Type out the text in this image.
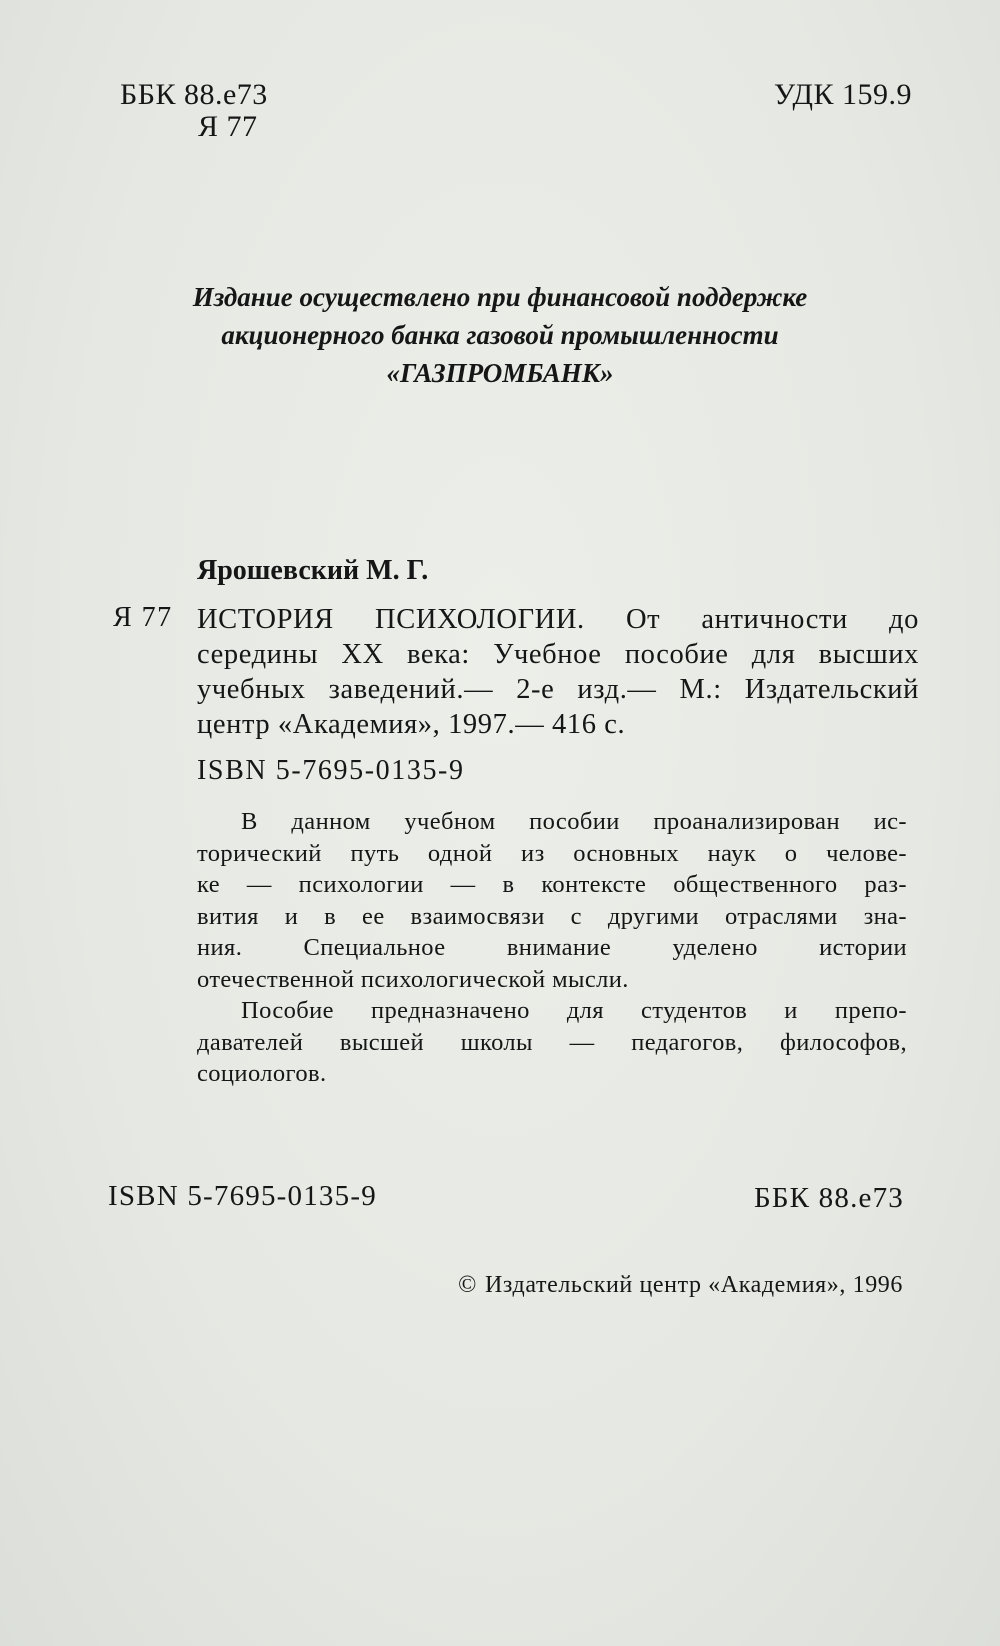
ББК 88.е73
Я 77
УДК 159.9
Издание осуществлено при финансовой поддержке
акционерного банка газовой промышленности
«ГАЗПРОМБАНК»
Ярошевский М. Г.
Я 77 ИСТОРИЯ ПСИХОЛОГИИ. От античности до
середины XX века: Учебное пособие для высших
учебных заведений.— 2-е изд.— М.: Издательский
центр «Академия», 1997.— 416 с.
ISBN 5-7695-0135-9
В данном учебном пособии проанализирован ис-
торический путь одной из основных наук о челове-
ке — психологии — в контексте общественного раз-
вития и в ее взаимосвязи с другими отраслями зна-
ния. Специальное внимание уделено истории
отечественной психологической мысли.
Пособие предназначено для студентов и препо-
давателей высшей школы — педагогов, философов,
социологов.
ISBN 5-7695-0135-9	ББК 88.е73
© Издательский центр «Академия», 1996
